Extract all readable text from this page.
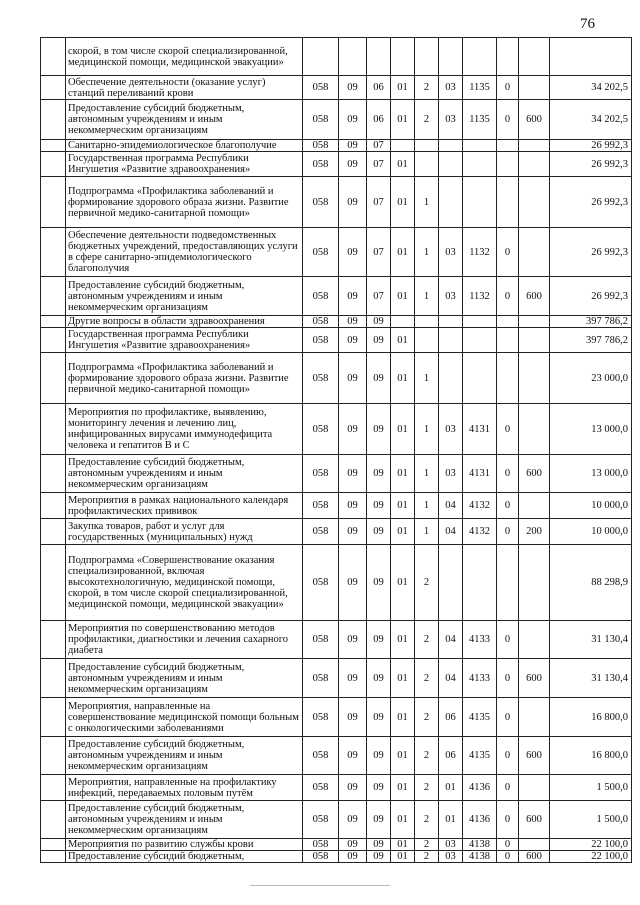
76
	скорой, в том числе скорой специализированной, медицинской помощи, медицинской эвакуации»										
	Обеспечение деятельности (оказание услуг) станций переливаний крови	058	09	06	01	2	03	1135	0		34 202,5
	Предоставление субсидий бюджетным, автономным учреждениям и иным некоммерческим организациям	058	09	06	01	2	03	1135	0	600	34 202,5
	Санитарно-эпидемиологическое благополучие	058	09	07							26 992,3
	Государственная программа Республики Ингушетия «Развитие здравоохранения»	058	09	07	01						26 992,3
	Подпрограмма «Профилактика заболеваний и формирование здорового образа жизни. Развитие первичной медико-санитарной помощи»	058	09	07	01	1					26 992,3
	Обеспечение деятельности подведомственных бюджетных учреждений, предоставляющих услуги в сфере санитарно-эпидемиологического благополучия	058	09	07	01	1	03	1132	0		26 992,3
	Предоставление субсидий бюджетным, автономным учреждениям и иным некоммерческим организациям	058	09	07	01	1	03	1132	0	600	26 992,3
	Другие вопросы в области здравоохранения	058	09	09							397 786,2
	Государственная программа Республики Ингушетия «Развитие здравоохранения»	058	09	09	01						397 786,2
	Подпрограмма «Профилактика заболеваний и формирование здорового образа жизни. Развитие первичной медико-санитарной помощи»	058	09	09	01	1					23 000,0
	Мероприятия по профилактике, выявлению, мониторингу лечения и лечению лиц, инфицированных вирусами иммунодефицита человека и гепатитов В и С	058	09	09	01	1	03	4131	0		13 000,0
	Предоставление субсидий бюджетным, автономным учреждениям и иным некоммерческим организациям	058	09	09	01	1	03	4131	0	600	13 000,0
	Мероприятия в рамках национального календаря профилактических прививок	058	09	09	01	1	04	4132	0		10 000,0
	Закупка товаров, работ и услуг для государственных (муниципальных) нужд	058	09	09	01	1	04	4132	0	200	10 000,0
	Подпрограмма «Совершенствование оказания специализированной, включая высокотехнологичную, медицинской помощи, скорой, в том числе скорой специализированной, медицинской помощи, медицинской эвакуации»	058	09	09	01	2					88 298,9
	Мероприятия по совершенствованию методов профилактики, диагностики и лечения сахарного диабета	058	09	09	01	2	04	4133	0		31 130,4
	Предоставление субсидий бюджетным, автономным учреждениям и иным некоммерческим организациям	058	09	09	01	2	04	4133	0	600	31 130,4
	Мероприятия, направленные на совершенствование медицинской помощи больным с онкологическими заболеваниями	058	09	09	01	2	06	4135	0		16 800,0
	Предоставление субсидий бюджетным, автономным учреждениям и иным некоммерческим организациям	058	09	09	01	2	06	4135	0	600	16 800,0
	Мероприятия, направленные на профилактику инфекций, передаваемых половым путём	058	09	09	01	2	01	4136	0		1 500,0
	Предоставление субсидий бюджетным, автономным учреждениям и иным некоммерческим организациям	058	09	09	01	2	01	4136	0	600	1 500,0
	Мероприятия по развитию службы крови	058	09	09	01	2	03	4138	0		22 100,0
	Предоставление субсидий бюджетным,	058	09	09	01	2	03	4138	0	600	22 100,0
